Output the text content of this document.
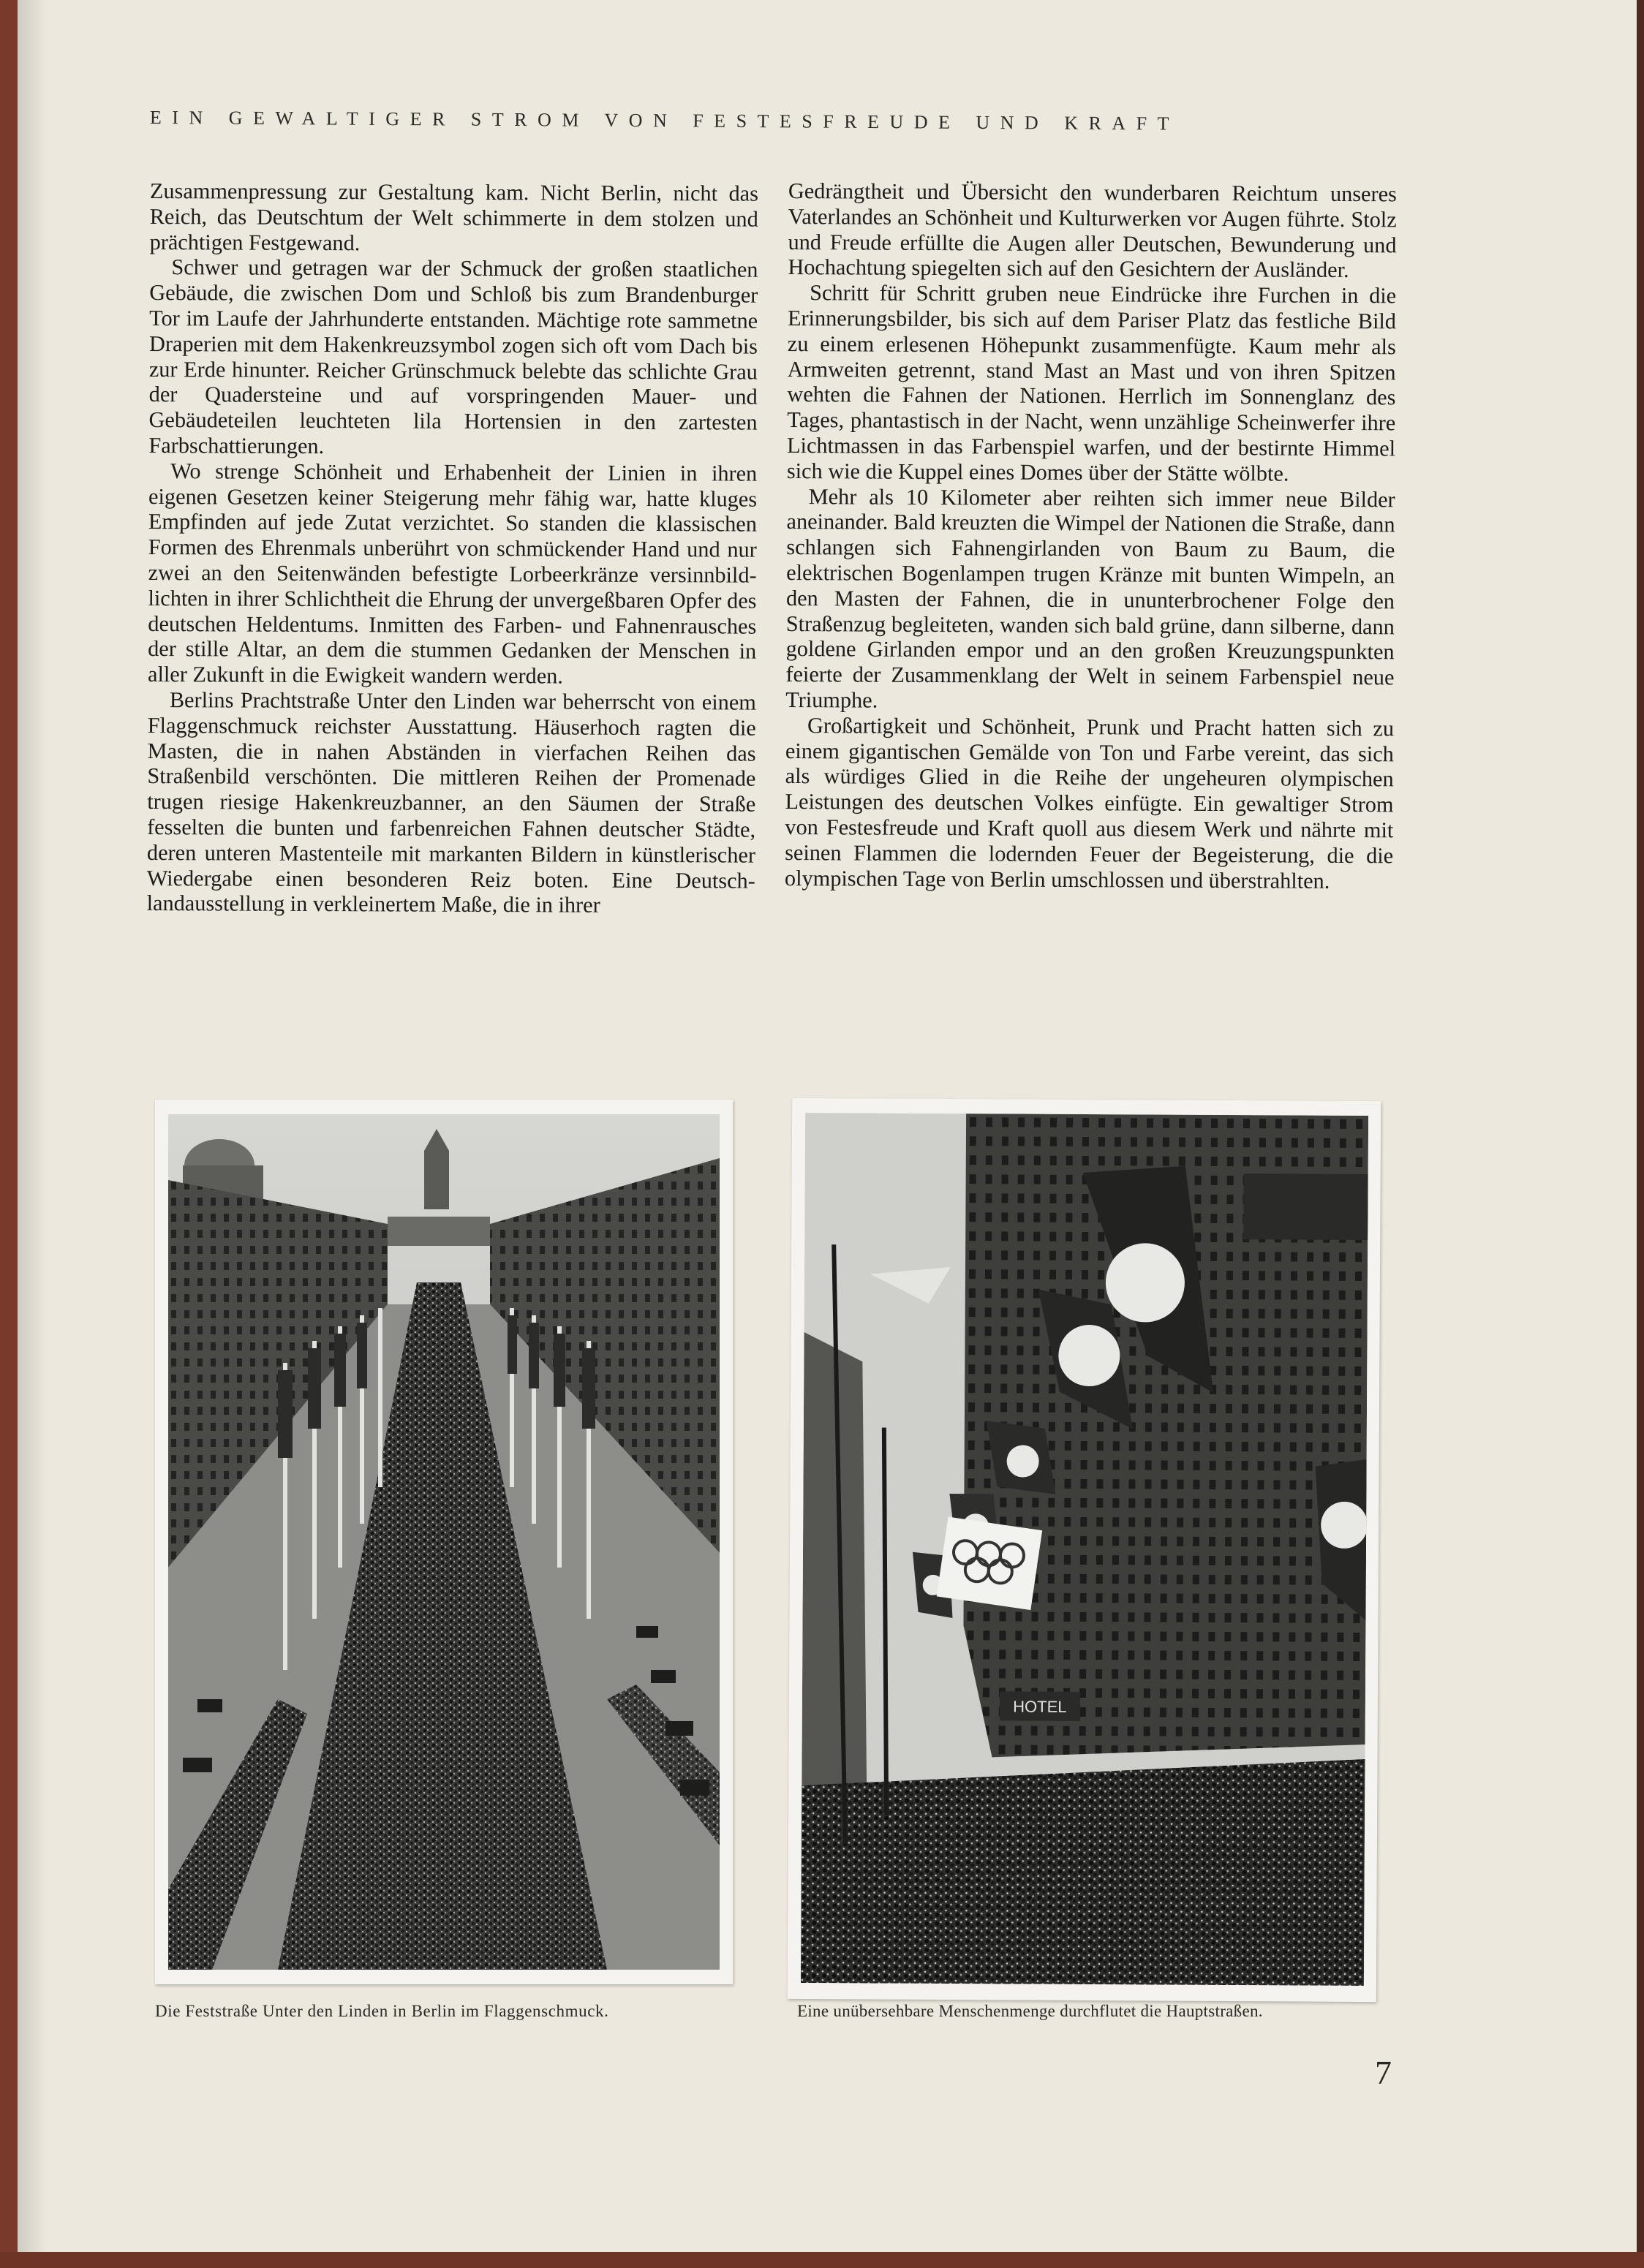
EIN GEWALTIGER STROM VON FESTESFREUDE UND KRAFT

Zusammenpressung zur Gestaltung kam. Nicht Berlin, nicht das Reich, das Deutschtum der Welt schimmerte in dem stolzen und prächtigen Festgewand.

Schwer und getragen war der Schmuck der großen staatlichen Gebäude, die zwischen Dom und Schloß bis zum Brandenburger Tor im Laufe der Jahrhunderte entstanden. Mächtige rote sammetne Draperien mit dem Hakenkreuzsymbol zogen sich oft vom Dach bis zur Erde hinunter. Reicher Grünschmuck belebte das schlichte Grau der Quadersteine und auf vorspringenden Mauer- und Gebäudeteilen leuchteten lila Hortensien in den zartesten Farbschattierungen.

Wo strenge Schönheit und Erhabenheit der Linien in ihren eigenen Gesetzen keiner Steigerung mehr fähig war, hatte kluges Empfinden auf jede Zutat verzichtet. So standen die klassischen Formen des Ehrenmals unberührt von schmückender Hand und nur zwei an den Seitenwänden befestigte Lorbeerkränze versinnbildlichten in ihrer Schlichtheit die Ehrung der unvergeßbaren Opfer des deutschen Heldentums. Inmitten des Farben- und Fahnenrausches der stille Altar, an dem die stummen Gedanken der Menschen in aller Zukunft in die Ewigkeit wandern werden.

Berlins Prachtstraße Unter den Linden war beherrscht von einem Flaggenschmuck reichster Ausstattung. Häuserhoch ragten die Masten, die in nahen Abständen in vierfachen Reihen das Straßenbild verschönten. Die mittleren Reihen der Promenade trugen riesige Hakenkreuzbanner, an den Säumen der Straße fesselten die bunten und farbenreichen Fahnen deutscher Städte, deren unteren Mastenteile mit markanten Bildern in künstlerischer Wiedergabe einen besonderen Reiz boten. Eine Deutschlandausstellung in verkleinertem Maße, die in ihrer

Gedrängtheit und Übersicht den wunderbaren Reichtum unseres Vaterlandes an Schönheit und Kulturwerken vor Augen führte. Stolz und Freude erfüllte die Augen aller Deutschen, Bewunderung und Hochachtung spiegelten sich auf den Gesichtern der Ausländer.

Schritt für Schritt gruben neue Eindrücke ihre Furchen in die Erinnerungsbilder, bis sich auf dem Pariser Platz das festliche Bild zu einem erlesenen Höhepunkt zusammenfügte. Kaum mehr als Armweiten getrennt, stand Mast an Mast und von ihren Spitzen wehten die Fahnen der Nationen. Herrlich im Sonnenglanz des Tages, phantastisch in der Nacht, wenn unzählige Scheinwerfer ihre Lichtmassen in das Farbenspiel warfen, und der bestirnte Himmel sich wie die Kuppel eines Domes über der Stätte wölbte.

Mehr als 10 Kilometer aber reihten sich immer neue Bilder aneinander. Bald kreuzten die Wimpel der Nationen die Straße, dann schlangen sich Fahnengirlanden von Baum zu Baum, die elektrischen Bogenlampen trugen Kränze mit bunten Wimpeln, an den Masten der Fahnen, die in ununterbrochener Folge den Straßenzug begleiteten, wanden sich bald grüne, dann silberne, dann goldene Girlanden empor und an den großen Kreuzungspunkten feierte der Zusammenklang der Welt in seinem Farbenspiel neue Triumphe.

Großartigkeit und Schönheit, Prunk und Pracht hatten sich zu einem gigantischen Gemälde von Ton und Farbe vereint, das sich als würdiges Glied in die Reihe der ungeheuren olympischen Leistungen des deutschen Volkes einfügte. Ein gewaltiger Strom von Festesfreude und Kraft quoll aus diesem Werk und nährte mit seinen Flammen die lodernden Feuer der Begeisterung, die die olympischen Tage von Berlin umschlossen und überstrahlten.

HOTEL
Die Feststraße Unter den Linden in Berlin im Flaggenschmuck.	Eine unübersehbare Menschenmenge durchflutet die Hauptstraßen.
7
